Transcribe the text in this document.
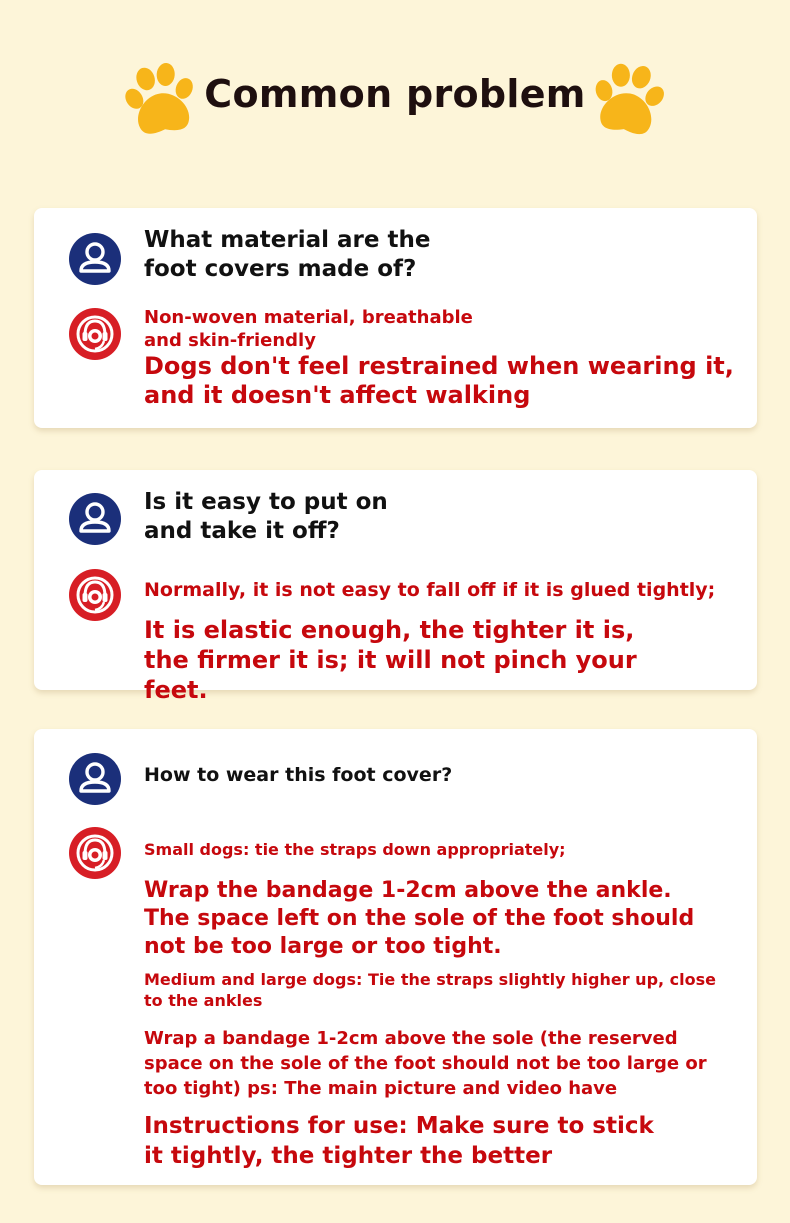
Common problem
What material are the foot covers made of?
Non-woven material, breathable and skin-friendly
Dogs don't feel restrained when wearing it, and it doesn't affect walking
Is it easy to put on and take it off?
Normally, it is not easy to fall off if it is glued tightly;
It is elastic enough, the tighter it is, the firmer it is; it will not pinch your feet.
How to wear this foot cover?
Small dogs: tie the straps down appropriately;
Wrap the bandage 1-2cm above the ankle. The space left on the sole of the foot should not be too large or too tight.
Medium and large dogs: Tie the straps slightly higher up, close to the ankles
Wrap a bandage 1-2cm above the sole (the reserved space on the sole of the foot should not be too large or too tight) ps: The main picture and video have
Instructions for use: Make sure to stick it tightly, the tighter the better
